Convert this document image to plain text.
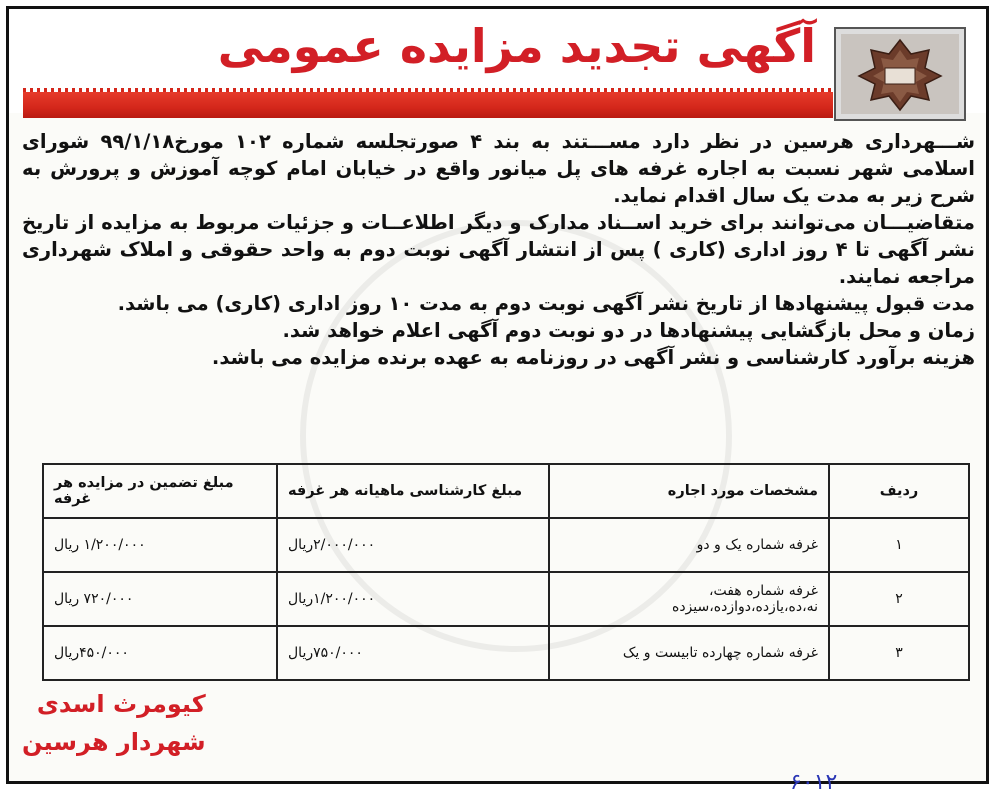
آگهی تجدید مزایده عمومی

شـــهرداری هرسین در نظر دارد مســـتند به بند ۴ صورتجلسه شماره ۱۰۲ مورخ۹۹/۱/۱۸ شورای اسلامی شهر نسبت به اجاره غرفه های پل میانور واقع در خیابان امام کوچه آموزش و پرورش به شرح زیر به مدت یک سال اقدام نماید.

متقاضیـــان می‌توانند برای خرید اســناد مدارک و دیگر اطلاعــات و جزئیات مربوط به مزایده از تاریخ نشر آگهی تا ۴ روز اداری (کاری ) پس از انتشار آگهی نوبت دوم به واحد حقوقی و املاک شهرداری مراجعه نمایند.

مدت قبول پیشنهادها از تاریخ نشر آگهی نوبت دوم به مدت ۱۰ روز اداری (کاری) می باشد.

زمان و محل بازگشایی پیشنهادها در دو نوبت دوم آگهی اعلام خواهد شد.

هزینه برآورد کارشناسی و نشر آگهی در روزنامه به عهده برنده مزایده می باشد.

ردیف	مشخصات مورد اجاره	مبلغ کارشناسی ماهیانه هر غرفه	مبلغ تضمین در مزایده هر غرفه
۱	غرفه شماره یک و دو	۲/۰۰۰/۰۰۰ریال	۱/۲۰۰/۰۰۰ ریال
۲	غرفه شماره هفت، نه،ده،یازده،دوازده،سیزده	۱/۲۰۰/۰۰۰ریال	۷۲۰/۰۰۰ ریال
۳	غرفه شماره چهارده تابیست و یک	۷۵۰/۰۰۰ریال	۴۵۰/۰۰۰ریال
کیومرث اسدی
شهردار هرسین
۶۰۱۲
